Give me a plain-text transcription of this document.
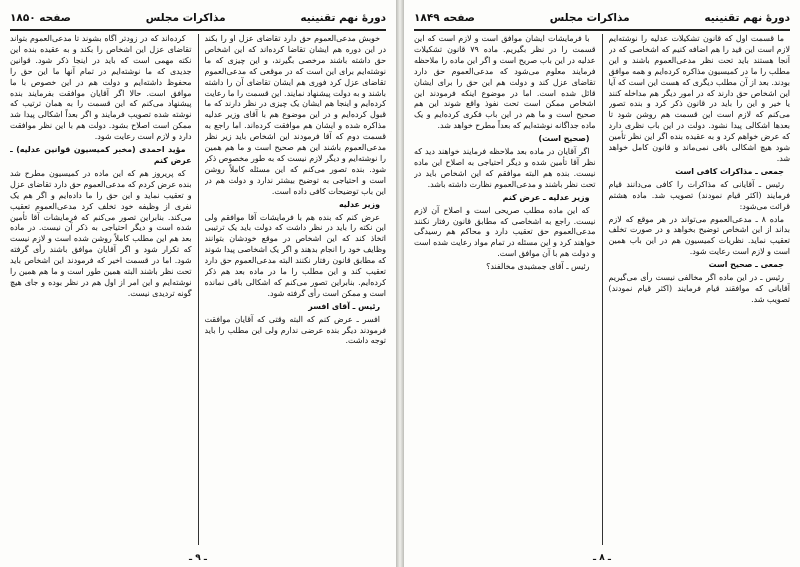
دورهٔ نهم تقنینیه
مذاکرات مجلس
صفحه ۱۸۵۰

خوبش مدعی‌العموم حق دارد تقاضای عزل او را بکند در این دوره هم ایشان تقاضا کرده‌اند که این اشخاص حق داشته باشند مرخصی بگیرند، و این چیزی که ما نوشته‌ایم برای این است که در موقعی که مدعی‌العموم تقاضای عزل کرد فوری هم ایشان تقاضای آن را داشته باشند و به دولت پیشنهاد نمایند. این قسمت را ما رعایت کرده‌ایم و اینجا هم ایشان یک چیزی در نظر دارند که ما قبول کرده‌ایم و در این موضوع هم با آقای وزیر عدلیه مذاکره شده و ایشان هم موافقت کرده‌اند. اما راجع به قسمت دوم که آقا فرمودند این اشخاص باید زیر نظر مدعی‌العموم باشند این هم صحیح است و ما هم همین را نوشته‌ایم و دیگر لازم نیست که به طور مخصوص ذکر شود. بنده تصور می‌کنم که این مسئله کاملاً روشن است و احتیاجی به توضیح بیشتر ندارد و دولت هم در این باب توضیحات کافی داده است.

وزیر عدلیه

عرض کنم که بنده هم با فرمایشات آقا موافقم ولی این نکته را باید در نظر داشت که دولت باید یک ترتیبی اتخاذ کند که این اشخاص در موقع خودشان بتوانند وظایف خود را انجام بدهند و اگر یک اشخاصی پیدا شوند که مطابق قانون رفتار نکنند البته مدعی‌العموم حق دارد تعقیب کند و این مطلب را ما در ماده بعد هم ذکر کرده‌ایم. بنابراین تصور می‌کنم که اشکالی باقی نمانده است و ممکن است رأی گرفته شود.

رئیس ـ آقای افسر

افسر ـ عرض کنم که البته وقتی که آقایان موافقت فرمودند دیگر بنده عرضی ندارم ولی این مطلب را باید توجه داشت.

کرده‌اند که در زودتر آگاه بشوند تا مدعی‌العموم بتواند تقاضای عزل این اشخاص را بکند و به عقیده بنده این نکته مهمی است که باید در اینجا ذکر شود. قوانین جدیدی که ما نوشته‌ایم در تمام آنها ما این حق را محفوظ داشته‌ایم و دولت هم در این خصوص با ما موافق است. حالا اگر آقایان موافقت بفرمایند بنده پیشنهاد می‌کنم که این قسمت را به همان ترتیب که نوشته شده تصویب فرمایند و اگر بعداً اشکالی پیدا شد ممکن است اصلاح بشود. دولت هم با این نظر موافقت دارد و لازم است رعایت شود.

مؤید احمدی (مخبر کمیسیون قوانین عدلیه) ـ عرض کنم

که پریروز هم که این ماده در کمیسیون مطرح شد بنده عرض کردم که مدعی‌العموم حق دارد تقاضای عزل و تعقیب نماید و این حق را ما داده‌ایم و اگر هم یک نفری از وظیفه خود تخلف کرد مدعی‌العموم تعقیب می‌کند. بنابراین تصور می‌کنم که فرمایشات آقا تأمین شده است و دیگر احتیاجی به ذکر آن نیست. در ماده بعد هم این مطلب کاملاً روشن شده است و لازم نیست که تکرار شود و اگر آقایان موافق باشند رأی گرفته شود. اما در قسمت اخیر که فرمودند این اشخاص باید تحت نظر باشند البته همین طور است و ما هم همین را نوشته‌ایم و این امر از اول هم در نظر بوده و جای هیچ گونه تردیدی نیست.

ـ ۹ ـ
دورهٔ نهم تقنینیه
مذاکرات مجلس
صفحه ۱۸۴۹

ما قسمت اول که قانون تشکیلات عدلیه را نوشته‌ایم لازم است این قید را هم اضافه کنیم که اشخاصی که در آنجا هستند باید تحت نظر مدعی‌العموم باشند و این مطلب را ما در کمیسیون مذاکره کرده‌ایم و همه موافق بودند. بعد از آن مطلب دیگری که هست این است که آیا این اشخاص حق دارند که در امور دیگر هم مداخله کنند یا خیر و این را باید در قانون ذکر کرد و بنده تصور می‌کنم که لازم است این قسمت هم روشن شود تا بعدها اشکالی پیدا نشود. دولت در این باب نظری دارد که عرض خواهم کرد و به عقیده بنده اگر این نظر تأمین شود هیچ اشکالی باقی نمی‌ماند و قانون کامل خواهد شد.

جمعی ـ مذاکرات کافی است

رئیس ـ آقایانی که مذاکرات را کافی می‌دانند قیام فرمایند (اکثر قیام نمودند) تصویب شد. ماده هشتم قرائت می‌شود:

ماده ۸ ـ مدعی‌العموم می‌تواند در هر موقع که لازم بداند از این اشخاص توضیح بخواهد و در صورت تخلف تعقیب نماید. نظریات کمیسیون هم در این باب همین است و لازم است رعایت شود.

جمعی ـ صحیح است

رئیس ـ در این ماده اگر مخالفی نیست رأی می‌گیریم آقایانی که موافقند قیام فرمایند (اکثر قیام نمودند) تصویب شد.

با فرمایشات ایشان موافق است و لازم است که این قسمت را در نظر بگیریم. ماده ۷۹ قانون تشکیلات عدلیه در این باب صریح است و اگر این ماده را ملاحظه فرمایند معلوم می‌شود که مدعی‌العموم حق دارد تقاضای عزل کند و دولت هم این حق را برای ایشان قائل شده است. اما در موضوع اینکه فرمودند این اشخاص ممکن است تحت نفوذ واقع شوند این هم صحیح است و ما هم در این باب فکری کرده‌ایم و یک ماده جداگانه نوشته‌ایم که بعداً مطرح خواهد شد.

(صحیح است)

اگر آقایان در ماده بعد ملاحظه فرمایند خواهند دید که نظر آقا تأمین شده و دیگر احتیاجی به اصلاح این ماده نیست. بنده هم البته موافقم که این اشخاص باید در تحت نظر باشند و مدعی‌العموم نظارت داشته باشد.

وزیر عدلیه ـ عرض کنم

که این ماده مطلب صریحی است و اصلاح آن لازم نیست. راجع به اشخاصی که مطابق قانون رفتار نکنند مدعی‌العموم حق تعقیب دارد و محاکم هم رسیدگی خواهند کرد و این مسئله در تمام مواد رعایت شده است و دولت هم با آن موافق است.

رئیس ـ آقای جمشیدی مخالفند؟

ـ ۸ ـ
